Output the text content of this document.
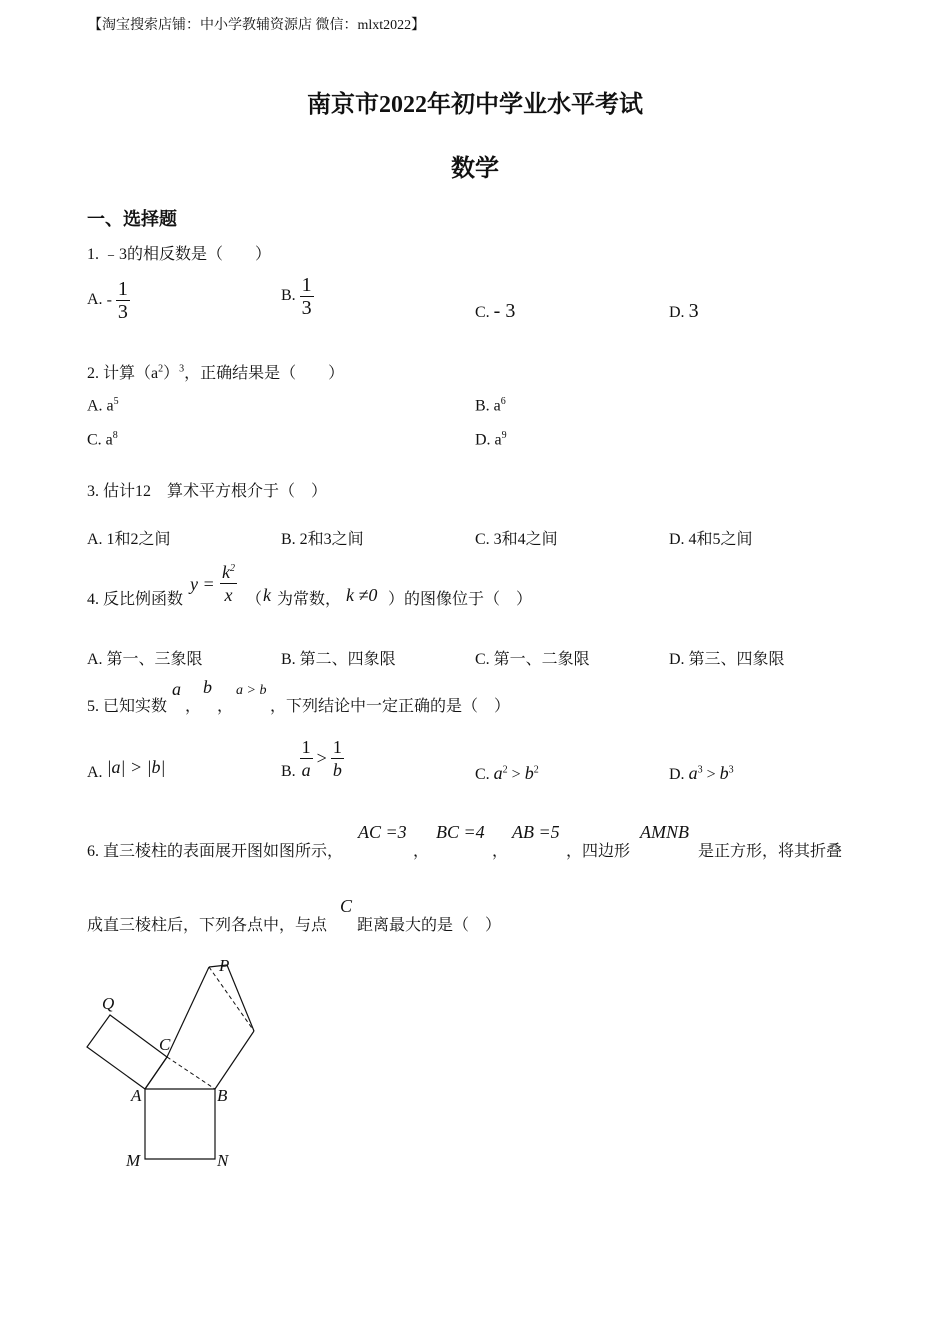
【淘宝搜索店铺：中小学教辅资源店 微信：mlxt2022】
南京市2022年初中学业水平考试
数学
一、选择题
1. ﹣3的相反数是（　　）
A. - $\frac{1}{3}$	B. $\frac{1}{3}$	C. - 3	D. 3
2. 计算$(a^2)^3$，正确结果是（　　）
A. $a^5$	B. $a^6$
C. $a^8$	D. $a^9$
3. 估计12　算术平方根介于（　）
A. 1和2之间	B. 2和3之间	C. 3和4之间	D. 4和5之间
4. 反比例函数
$y = \frac{k^2}{x}$ （ k 为常数， k ≠0 ）的图像位于（　）
A. 第一、三象限	B. 第二、四象限	C. 第一、二象限	D. 第三、四象限
5. 已知实数
a
，
b
，
a > b
，下列结论中一定正确的是（　）
A. |a| > |b|	B. $\frac{1}{a} > \frac{1}{b}$	C. $a^2 > b^2$	D. $a^3 > b^3$
6. 直三棱柱的表面展开图如图所示，
AC =3
，
BC =4
，
AB =5
，四边形
AMNB
是正方形，将其折叠
成直三棱柱后，下列各点中，与点
C
距离最大的是（　）
P
Q
C
A	B
M	N
